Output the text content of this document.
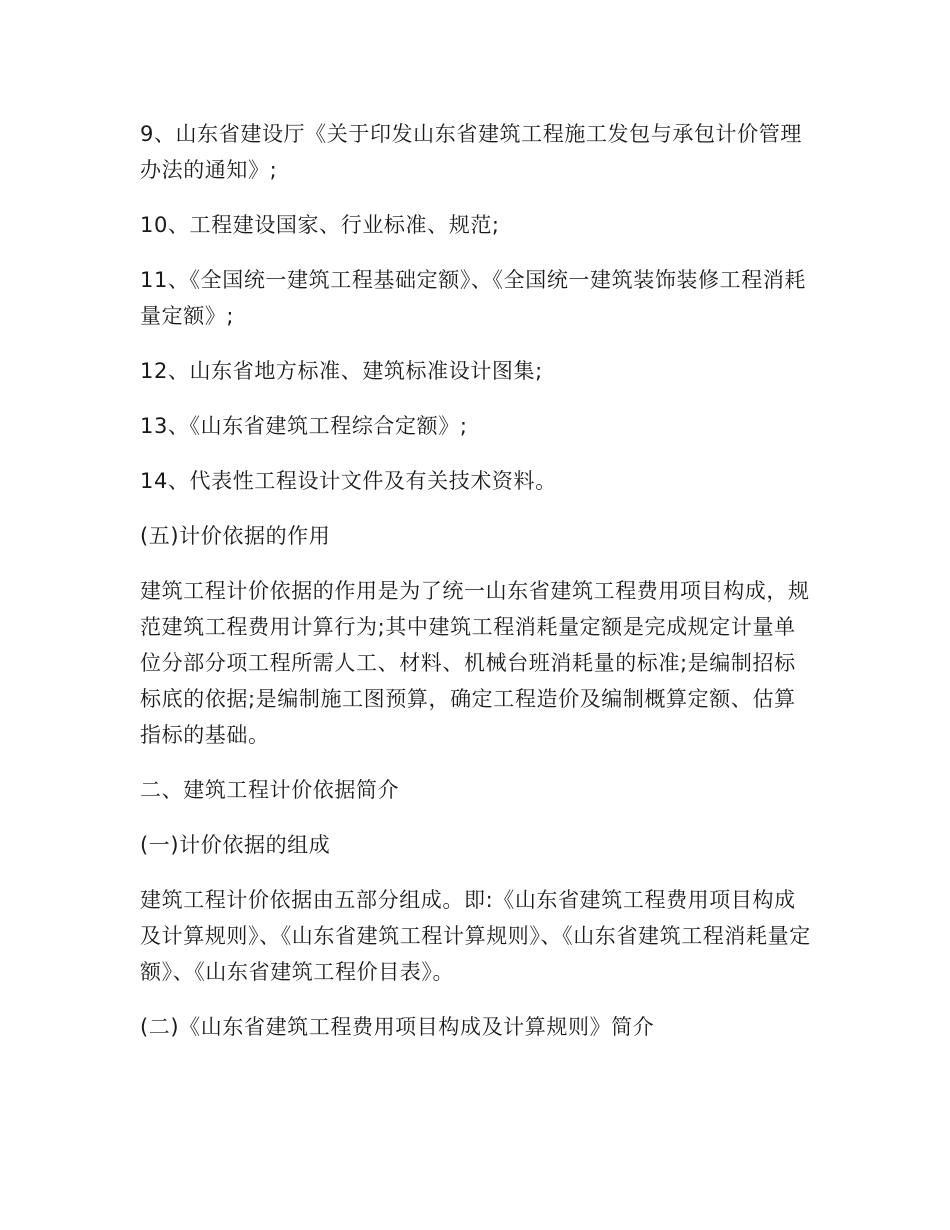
9、山东省建设厅《关于印发山东省建筑工程施工发包与承包计价管理办法的通知》;

10、工程建设国家、行业标准、规范;

11、《全国统一建筑工程基础定额》、《全国统一建筑装饰装修工程消耗量定额》;

12、山东省地方标准、建筑标准设计图集;

13、《山东省建筑工程综合定额》;

14、代表性工程设计文件及有关技术资料。

(五)计价依据的作用

建筑工程计价依据的作用是为了统一山东省建筑工程费用项目构成，规范建筑工程费用计算行为;其中建筑工程消耗量定额是完成规定计量单位分部分项工程所需人工、材料、机械台班消耗量的标准;是编制招标标底的依据;是编制施工图预算，确定工程造价及编制概算定额、估算指标的基础。

二、建筑工程计价依据简介

(一)计价依据的组成

建筑工程计价依据由五部分组成。即:《山东省建筑工程费用项目构成及计算规则》、《山东省建筑工程计算规则》、《山东省建筑工程消耗量定额》、《山东省建筑工程价目表》。

(二)《山东省建筑工程费用项目构成及计算规则》简介
